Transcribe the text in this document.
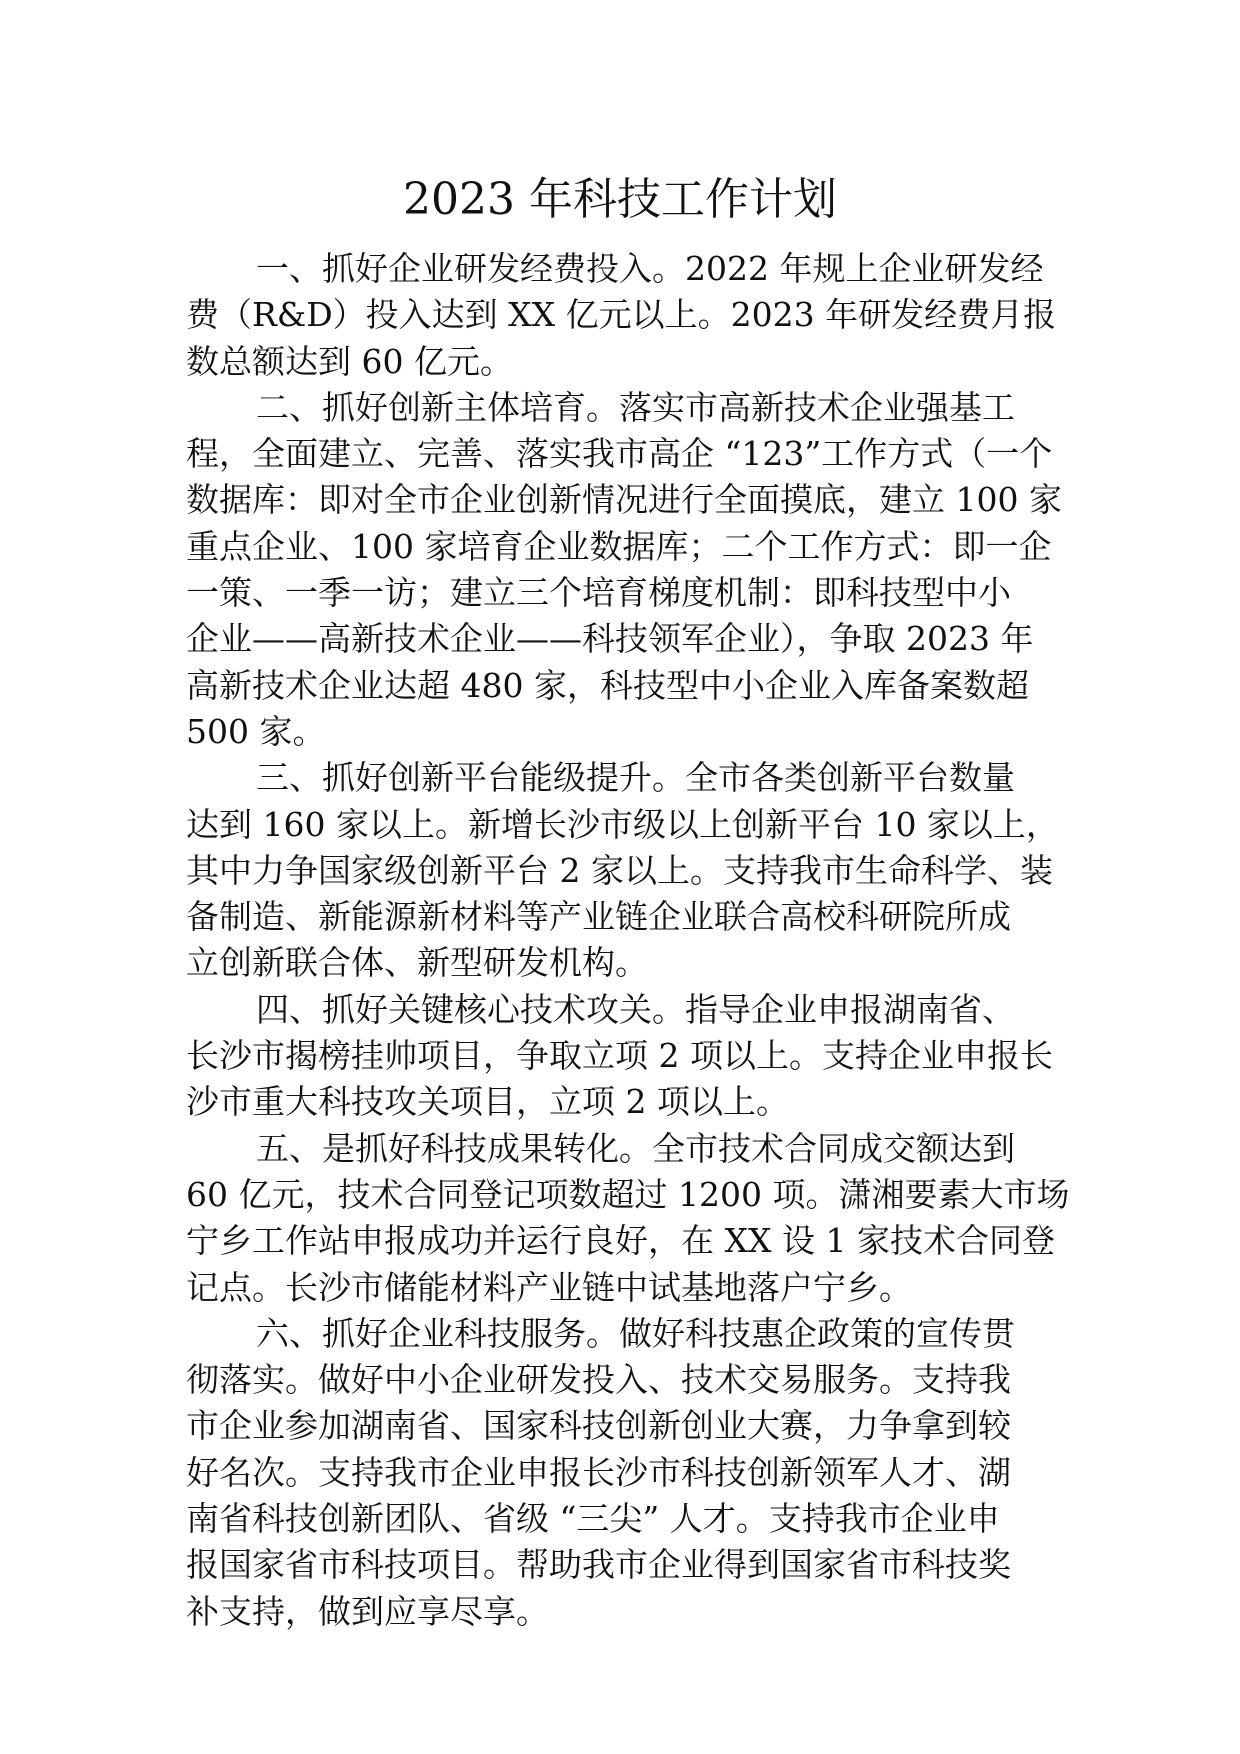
2023 年科技工作计划
一、抓好企业研发经费投入。2022 年规上企业研发经
费（R&D）投入达到 XX 亿元以上。2023 年研发经费月报
数总额达到 60 亿元。
二、抓好创新主体培育。落实市高新技术企业强基工
程，全面建立、完善、落实我市高企 “123”工作方式（一个
数据库：即对全市企业创新情况进行全面摸底，建立 100 家
重点企业、100 家培育企业数据库；二个工作方式：即一企
一策、一季一访；建立三个培育梯度机制：即科技型中小
企业——高新技术企业——科技领军企业），争取 2023 年
高新技术企业达超 480 家，科技型中小企业入库备案数超
500 家。
三、抓好创新平台能级提升。全市各类创新平台数量
达到 160 家以上。新增长沙市级以上创新平台 10 家以上，
其中力争国家级创新平台 2 家以上。支持我市生命科学、装
备制造、新能源新材料等产业链企业联合高校科研院所成
立创新联合体、新型研发机构。
四、抓好关键核心技术攻关。指导企业申报湖南省、
长沙市揭榜挂帅项目，争取立项 2 项以上。支持企业申报长
沙市重大科技攻关项目，立项 2 项以上。
五、是抓好科技成果转化。全市技术合同成交额达到
60 亿元，技术合同登记项数超过 1200 项。潇湘要素大市场
宁乡工作站申报成功并运行良好，在 XX 设 1 家技术合同登
记点。长沙市储能材料产业链中试基地落户宁乡。
六、抓好企业科技服务。做好科技惠企政策的宣传贯
彻落实。做好中小企业研发投入、技术交易服务。支持我
市企业参加湖南省、国家科技创新创业大赛，力争拿到较
好名次。支持我市企业申报长沙市科技创新领军人才、湖
南省科技创新团队、省级 “三尖” 人才。支持我市企业申
报国家省市科技项目。帮助我市企业得到国家省市科技奖
补支持，做到应享尽享。
